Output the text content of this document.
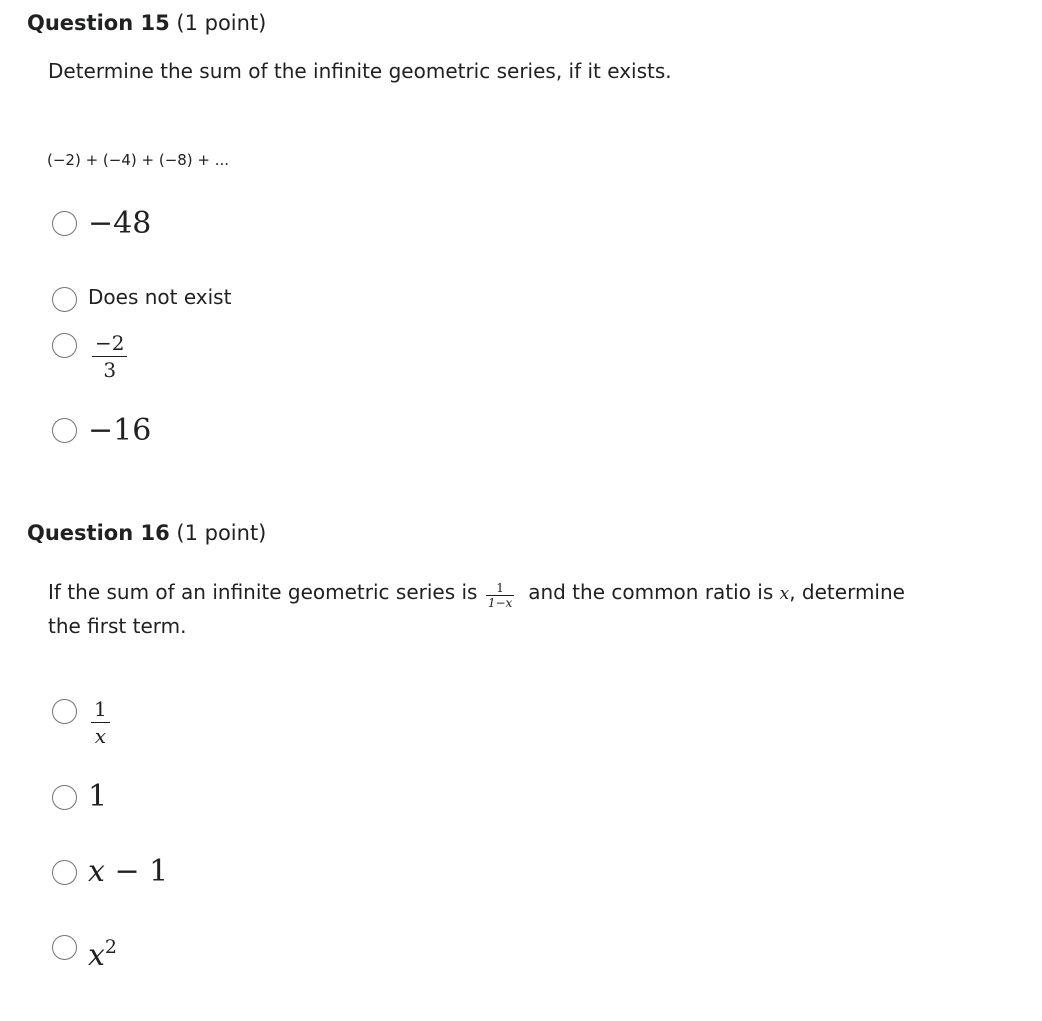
Question 15 (1 point)
Determine the sum of the infinite geometric series, if it exists.
(−2) + (−4) + (−8) + ...
−48
Does not exist
−2
3
−16
Question 16 (1 point)
If the sum of an infinite geometric series is 1
1−x and the common ratio is x, determine
the first term.
1
x
1
x − 1
$x^2$
